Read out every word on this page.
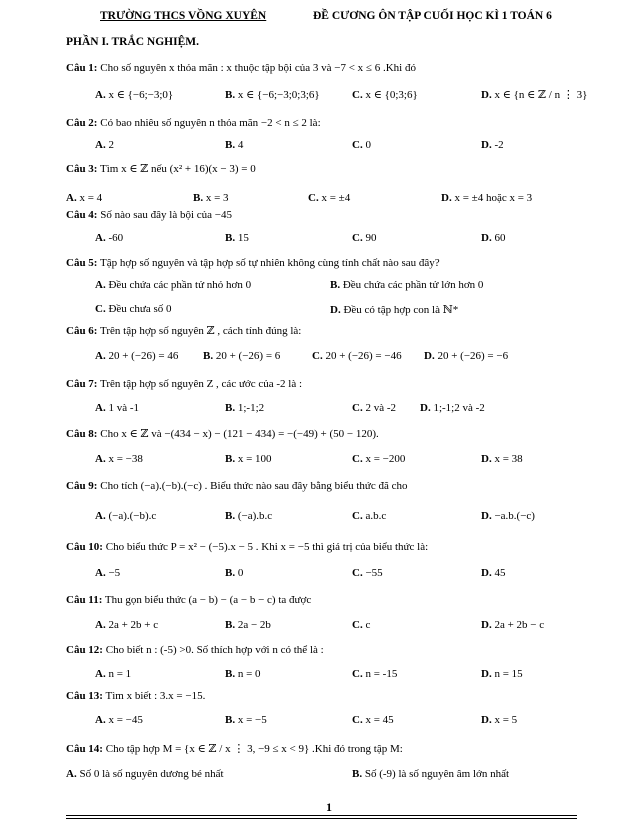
TRƯỜNG THCS VỒNG XUYÊN	ĐỀ CƯƠNG ÔN TẬP CUỐI HỌC KÌ 1 TOÁN 6
PHẦN I. TRẮC NGHIỆM.
Câu 1: Cho số nguyên x thỏa mãn : x thuộc tập bội của 3 và −7 < x ≤ 6 .Khi đó
A. x ∈ {−6;−3;0}	B. x ∈ {−6;−3;0;3;6}	C. x ∈ {0;3;6}	D. x ∈ {n ∈ ℤ / n ⋮ 3}
Câu 2: Có bao nhiêu số nguyên n thỏa mãn −2 < n ≤ 2 là:
A. 2	B. 4	C. 0	D. -2
Câu 3: Tìm x ∈ ℤ nếu (x² + 16)(x − 3) = 0
A. x = 4	B. x = 3	C. x = ±4	D. x = ±4 hoặc x = 3
Câu 4: Số nào sau đây là bội của −45
A. -60	B. 15	C. 90	D. 60
Câu 5: Tập hợp số nguyên và tập hợp số tự nhiên không cùng tính chất nào sau đây?
A. Đều chứa các phần tử nhỏ hơn 0	B. Đều chứa các phần tử lớn hơn 0
C. Đều chưa số 0	D. Đều có tập hợp con là ℕ*
Câu 6: Trên tập hợp số nguyên ℤ , cách tính đúng là:
A. 20 + (−26) = 46 B. 20 + (−26) = 6	C. 20 + (−26) = −46 D. 20 + (−26) = −6
Câu 7: Trên tập hợp số nguyên Z , các ước của -2 là :
A. 1 và -1	B. 1;-1;2	C. 2 và -2 D. 1;-1;2 và -2
Câu 8: Cho x ∈ ℤ và −(434 − x) − (121 − 434) = −(−49) + (50 − 120).
A. x = −38	B. x = 100	C. x = −200	D. x = 38
Câu 9: Cho tích (−a).(−b).(−c) . Biểu thức nào sau đây bằng biểu thức đã cho
A. (−a).(−b).c	B. (−a).b.c	C. a.b.c	D. −a.b.(−c)
Câu 10: Cho biểu thức P = x² − (−5).x − 5 . Khi x = −5 thì giá trị của biểu thức là:
A. −5	B. 0	C. −55	D. 45
Câu 11: Thu gọn biểu thức (a − b) − (a − b − c) ta được
A. 2a + 2b + c	B. 2a − 2b	C. c	D. 2a + 2b − c
Câu 12: Cho biết n : (-5) >0. Số thích hợp với n có thể là :
A. n = 1	B. n = 0	C. n = -15	D. n = 15
Câu 13: Tìm x biết : 3.x = −15.
A. x = −45	B. x = −5	C. x = 45	D. x = 5
Câu 14: Cho tập hợp M = {x ∈ ℤ / x ⋮ 3, −9 ≤ x < 9} .Khi đó trong tập M:
A. Số 0 là số nguyên dương bé nhất	B. Số (-9) là số nguyên âm lớn nhất
1
